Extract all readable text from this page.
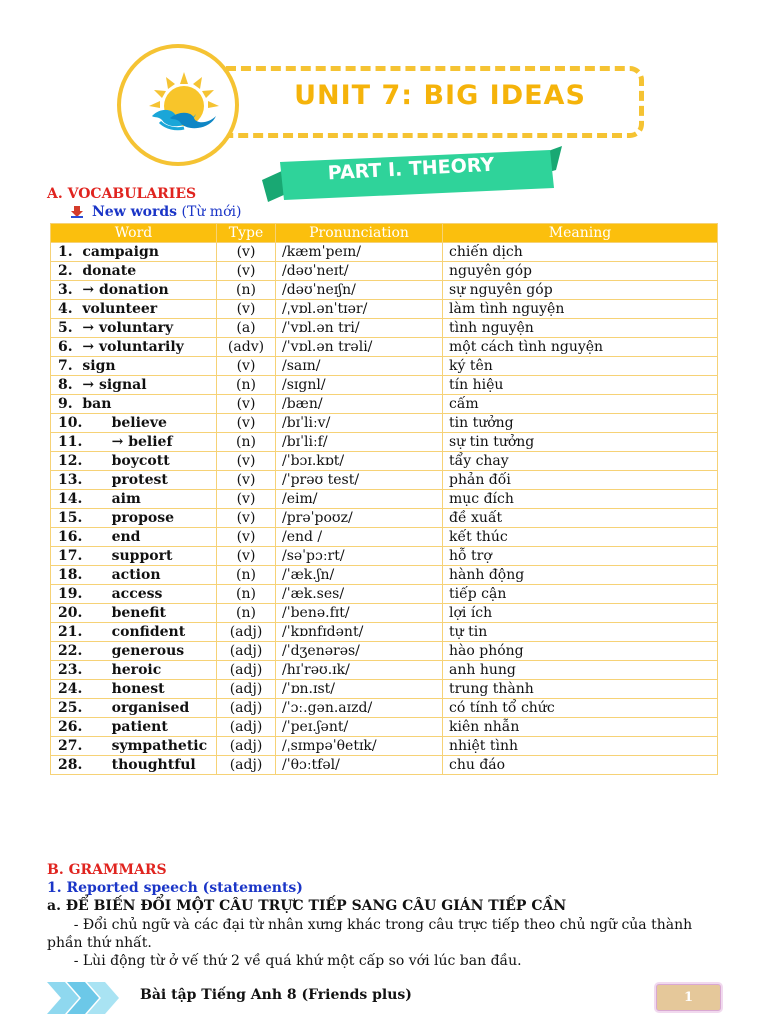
UNIT 7: BIG IDEAS
PART I. THEORY
A. VOCABULARIES
New words (Từ mới)
Word	Type	Pronunciation	Meaning
1.  campaign	(v)	/kæmˈpeɪn/	chiến dịch
2.  donate	(v)	/dəʊˈneɪt/	nguyên góp
3.  → donation	(n)	/dəʊˈneɪʃn/	sự nguyên góp
4.  volunteer	(v)	/ˌvɒl.ənˈtɪər/	làm tình nguyện
5.  → voluntary	(a)	/ˈvɒl.ən tri/	tình nguyện
6.  → voluntarily	(adv)	/ˈvɒl.ən trəli/	một cách tình nguyện
7.  sign	(v)	/saɪn/	ký tên
8.  → signal	(n)	/sɪgnl/	tín hiệu
9.  ban	(v)	/bæn/	cấm
10.      believe	(v)	/bɪˈliːv/	tin tưởng
11.      → belief	(n)	/bɪˈliːf/	sự tin tưởng
12.      boycott	(v)	/ˈbɔɪ.kɒt/	tẩy chay
13.      protest	(v)	/ˈprəʊ test/	phản đối
14.      aim	(v)	/eim/	mục đích
15.      propose	(v)	/prəˈpoʊz/	đề xuất
16.      end	(v)	/end /	kết thúc
17.      support	(v)	/səˈpɔːrt/	hỗ trợ
18.      action	(n)	/ˈæk.ʃn/	hành động
19.      access	(n)	/ˈæk.ses/	tiếp cận
20.      benefit	(n)	/ˈbenə.fɪt/	lợi ích
21.      confident	(adj)	/ˈkɒnfɪdənt/	tự tin
22.      generous	(adj)	/ˈdʒenərəs/	hào phóng
23.      heroic	(adj)	/hɪˈrəʊ.ɪk/	anh hung
24.      honest	(adj)	/ˈɒn.ɪst/	trung thành
25.      organised	(adj)	/ˈɔː.gən.aɪzd/	có tính tổ chức
26.      patient	(adj)	/ˈpeɪ.ʃənt/	kiên nhẫn
27.      sympathetic	(adj)	/ˌsɪmpəˈθetɪk/	nhiệt tình
28.      thoughtful	(adj)	/ˈθɔːtfəl/	chu đáo
B. GRAMMARS
1. Reported speech (statements)
a. ĐỂ BIẾN ĐỔI MỘT CÂU TRỰC TIẾP SANG CÂU GIÁN TIẾP CẦN
- Đổi chủ ngữ và các đại từ nhân xưng khác trong câu trực tiếp theo chủ ngữ của thành
phần thứ nhất.
- Lùi động từ ở vế thứ 2 về quá khứ một cấp so với lúc ban đầu.
Bài tập Tiếng Anh 8 (Friends plus)	1
